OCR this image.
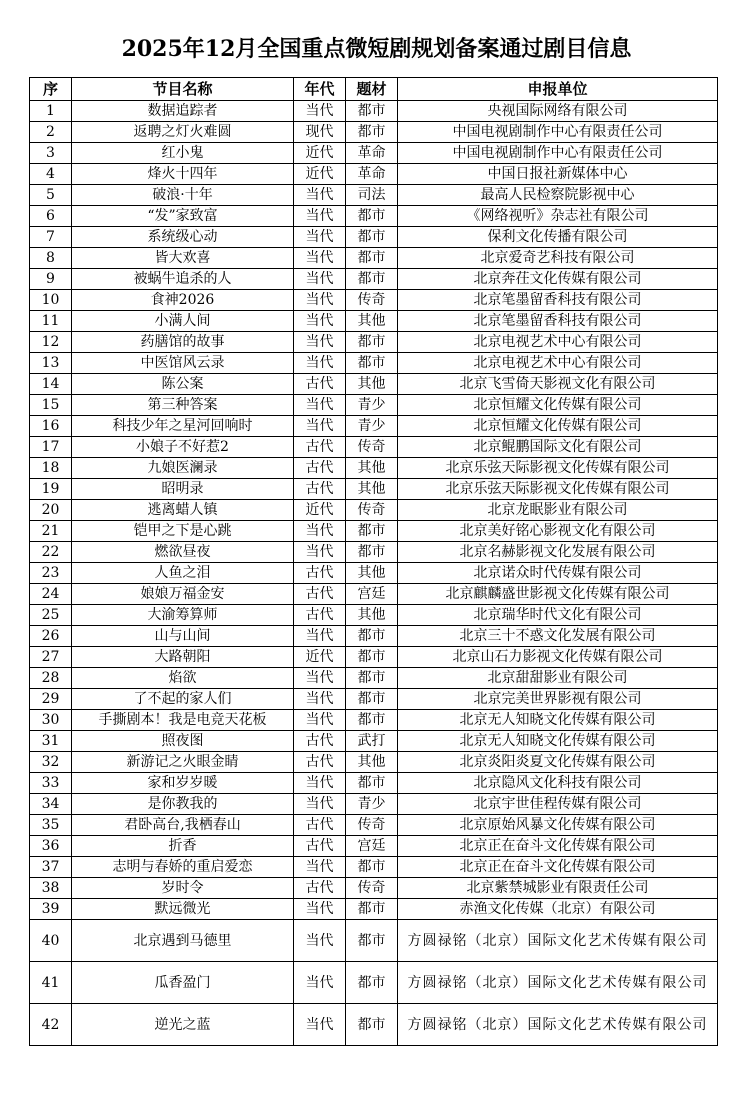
2025年12月全国重点微短剧规划备案通过剧目信息
序	节目名称	年代	题材	申报单位
1	数据追踪者	当代	都市	央视国际网络有限公司
2	返聘之灯火难圆	现代	都市	中国电视剧制作中心有限责任公司
3	红小鬼	近代	革命	中国电视剧制作中心有限责任公司
4	烽火十四年	近代	革命	中国日报社新媒体中心
5	破浪·十年	当代	司法	最高人民检察院影视中心
6	“发”家致富	当代	都市	《网络视听》杂志社有限公司
7	系统级心动	当代	都市	保利文化传播有限公司
8	皆大欢喜	当代	都市	北京爱奇艺科技有限公司
9	被蜗牛追杀的人	当代	都市	北京奔茌文化传媒有限公司
10	食神2026	当代	传奇	北京笔墨留香科技有限公司
11	小满人间	当代	其他	北京笔墨留香科技有限公司
12	药膳馆的故事	当代	都市	北京电视艺术中心有限公司
13	中医馆风云录	当代	都市	北京电视艺术中心有限公司
14	陈公案	古代	其他	北京飞雪倚天影视文化有限公司
15	第三种答案	当代	青少	北京恒耀文化传媒有限公司
16	科技少年之星河回响时	当代	青少	北京恒耀文化传媒有限公司
17	小娘子不好惹2	古代	传奇	北京鲲鹏国际文化有限公司
18	九娘医澜录	古代	其他	北京乐弦天际影视文化传媒有限公司
19	昭明录	古代	其他	北京乐弦天际影视文化传媒有限公司
20	逃离蜡人镇	近代	传奇	北京龙眠影业有限公司
21	铠甲之下是心跳	当代	都市	北京美好铭心影视文化有限公司
22	燃欲昼夜	当代	都市	北京名赫影视文化发展有限公司
23	人鱼之泪	古代	其他	北京诺众时代传媒有限公司
24	娘娘万福金安	古代	宫廷	北京麒麟盛世影视文化传媒有限公司
25	大渝筹算师	古代	其他	北京瑞华时代文化有限公司
26	山与山间	当代	都市	北京三十不惑文化发展有限公司
27	大路朝阳	近代	都市	北京山石力影视文化传媒有限公司
28	焰欲	当代	都市	北京甜甜影业有限公司
29	了不起的家人们	当代	都市	北京完美世界影视有限公司
30	手撕剧本！我是电竞天花板	当代	都市	北京无人知晓文化传媒有限公司
31	照夜图	古代	武打	北京无人知晓文化传媒有限公司
32	新游记之火眼金睛	古代	其他	北京炎阳炎夏文化传媒有限公司
33	家和岁岁暖	当代	都市	北京隐风文化科技有限公司
34	是你教我的	当代	青少	北京宇世佳程传媒有限公司
35	君卧高台,我栖春山	古代	传奇	北京原始风暴文化传媒有限公司
36	折香	古代	宫廷	北京正在奋斗文化传媒有限公司
37	志明与春娇的重启爱恋	当代	都市	北京正在奋斗文化传媒有限公司
38	岁时令	古代	传奇	北京紫禁城影业有限责任公司
39	默远微光	当代	都市	赤渔文化传媒（北京）有限公司
40	北京遇到马德里	当代	都市	方圆禄铭（北京）国际文化艺术传媒有限公司
41	瓜香盈门	当代	都市	方圆禄铭（北京）国际文化艺术传媒有限公司
42	逆光之蓝	当代	都市	方圆禄铭（北京）国际文化艺术传媒有限公司
